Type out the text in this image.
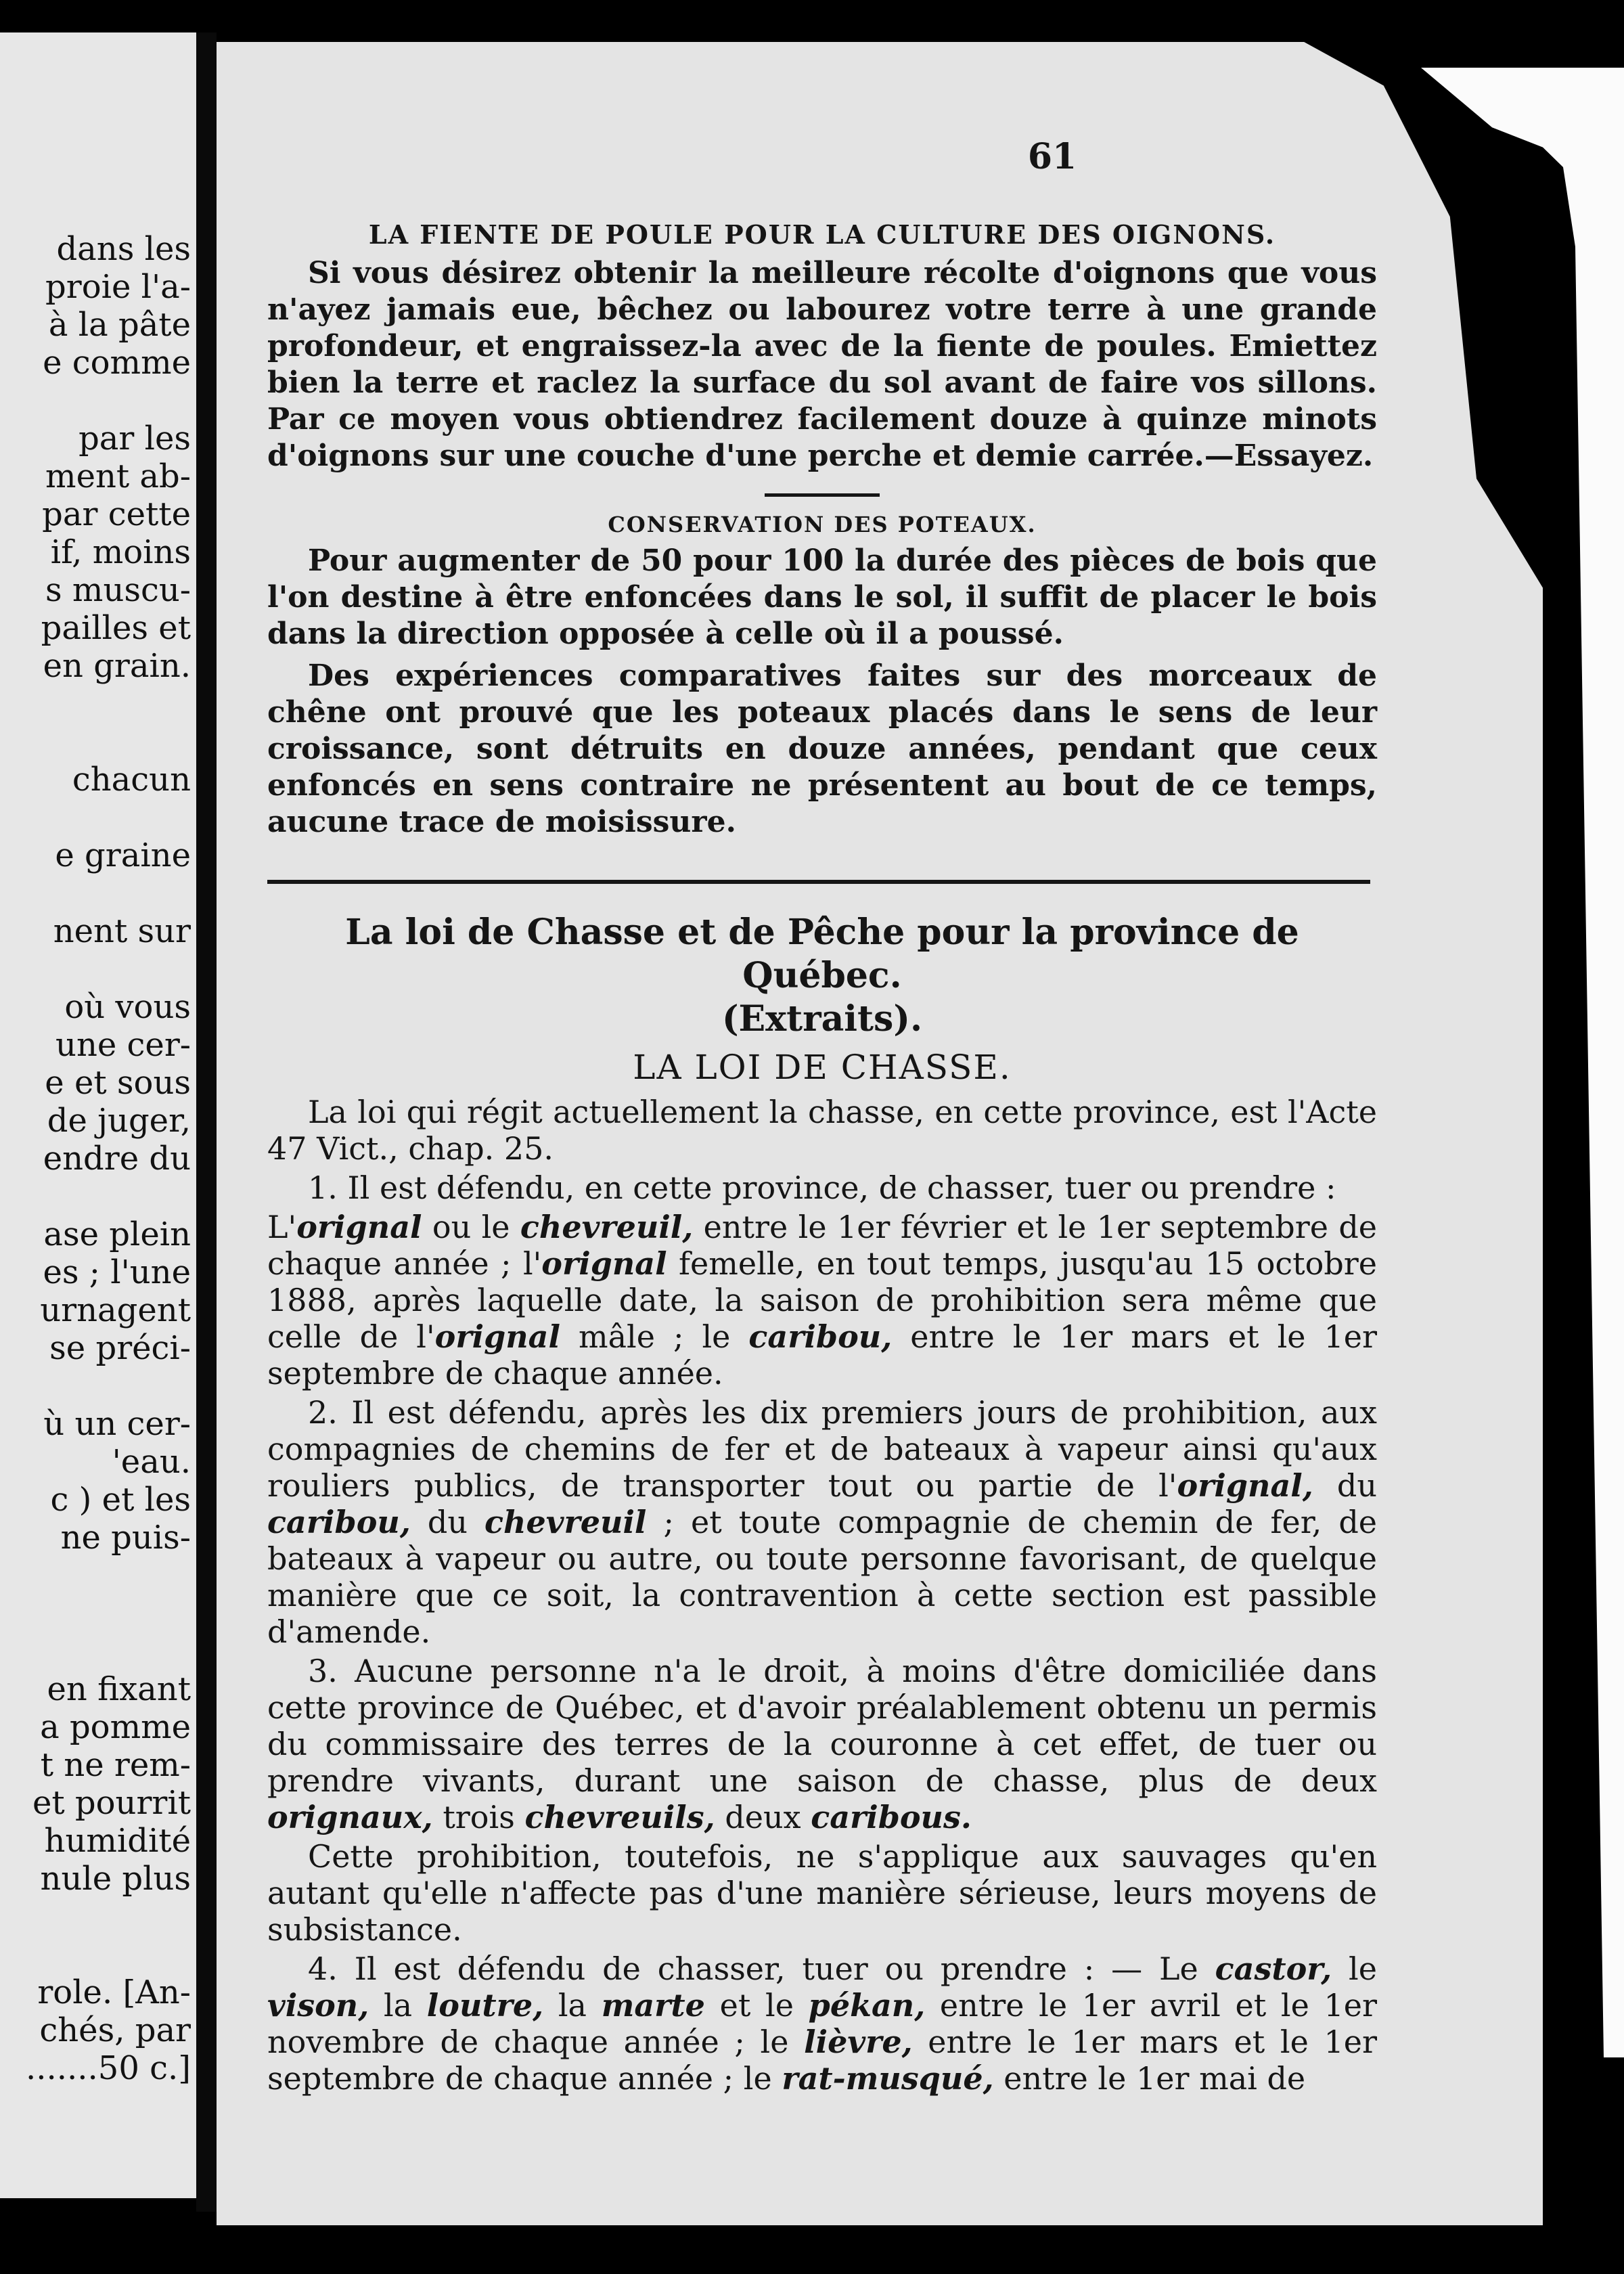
dans les
proie l'a-
à la pâte
e comme
par les
ment ab-
par cette
if, moins
s muscu-
pailles et
en grain.
chacun
e graine
nent sur
où vous
une cer-
e et sous
de juger,
endre du
ase plein
es ; l'une
urnagent
se préci-
ù un cer-
'eau.
c ) et les
ne puis-
en fixant
a pomme
t ne rem-
et pourrit
humidité
nule plus
role. [An-
chés, par
.......50 c.]
61
LA FIENTE DE POULE POUR LA CULTURE DES OIGNONS.
Si vous désirez obtenir la meilleure récolte d'oignons que vous n'ayez jamais eue, bêchez ou labourez votre terre à une grande profondeur, et engraissez-la avec de la fiente de poules. Emiettez bien la terre et raclez la surface du sol avant de faire vos sillons. Par ce moyen vous obtiendrez facilement douze à quinze minots d'oignons sur une couche d'une perche et demie carrée.—Essayez.
CONSERVATION DES POTEAUX.
Pour augmenter de 50 pour 100 la durée des pièces de bois que l'on destine à être enfoncées dans le sol, il suffit de placer le bois dans la direction opposée à celle où il a poussé.
Des expériences comparatives faites sur des morceaux de chêne ont prouvé que les poteaux placés dans le sens de leur croissance, sont détruits en douze années, pendant que ceux enfoncés en sens contraire ne présentent au bout de ce temps, aucune trace de moisissure.
La loi de Chasse et de Pêche pour la province de Québec.
(Extraits).
LA LOI DE CHASSE.
La loi qui régit actuellement la chasse, en cette province, est l'Acte 47 Vict., chap. 25.
1. Il est défendu, en cette province, de chasser, tuer ou prendre :
L'orignal ou le chevreuil, entre le 1er février et le 1er septembre de chaque année ; l'orignal femelle, en tout temps, jusqu'au 15 octobre 1888, après laquelle date, la saison de prohibition sera même que celle de l'orignal mâle ; le caribou, entre le 1er mars et le 1er septembre de chaque année.
2. Il est défendu, après les dix premiers jours de prohibition, aux compagnies de chemins de fer et de bateaux à vapeur ainsi qu'aux rouliers publics, de transporter tout ou partie de l'orignal, du caribou, du chevreuil ; et toute compagnie de chemin de fer, de bateaux à vapeur ou autre, ou toute personne favorisant, de quelque manière que ce soit, la contravention à cette section est passible d'amende.
3. Aucune personne n'a le droit, à moins d'être domiciliée dans cette province de Québec, et d'avoir préalablement obtenu un permis du commissaire des terres de la couronne à cet effet, de tuer ou prendre vivants, durant une saison de chasse, plus de deux orignaux, trois chevreuils, deux caribous.
Cette prohibition, toutefois, ne s'applique aux sauvages qu'en autant qu'elle n'affecte pas d'une manière sérieuse, leurs moyens de subsistance.
4. Il est défendu de chasser, tuer ou prendre : — Le castor, le vison, la loutre, la marte et le pékan, entre le 1er avril et le 1er novembre de chaque année ; le lièvre, entre le 1er mars et le 1er septembre de chaque année ; le rat-musqué, entre le 1er mai de
